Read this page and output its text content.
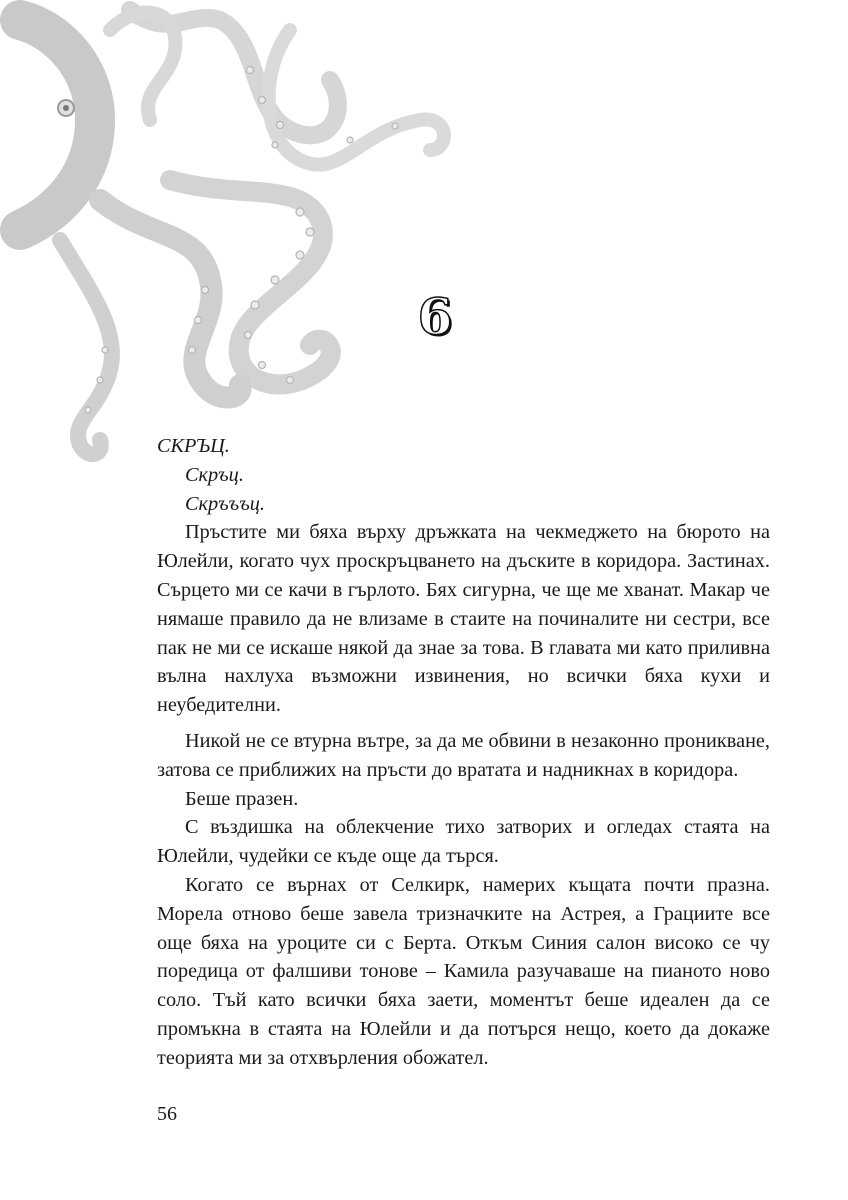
6

СКРЪЦ.

Скръц.

Скръъъц.

Пръстите ми бяха върху дръжката на чекмеджето на бюрото на Юлейли, когато чух проскръцването на дъските в коридора. Застинах. Сърцето ми се качи в гърлото. Бях сигурна, че ще ме хванат. Макар че нямаше правило да не влизаме в стаите на починалите ни сестри, все пак не ми се искаше някой да знае за това. В главата ми като приливна вълна нахлуха възможни извинения, но всички бяха кухи и неубедителни.

Никой не се втурна вътре, за да ме обвини в незаконно проникване, затова се приближих на пръсти до вратата и надникнах в коридора.

Беше празен.

С въздишка на облекчение тихо затворих и огледах стаята на Юлейли, чудейки се къде още да търся.

Когато се върнах от Селкирк, намерих къщата почти празна. Морела отново беше завела тризначките на Астрея, а Грациите все още бяха на уроците си с Берта. Откъм Синия салон високо се чу поредица от фалшиви тонове – Камила разучаваше на пианото ново соло. Тъй като всички бяха заети, моментът беше идеален да се промъкна в стаята на Юлейли и да потърся нещо, което да докаже теорията ми за отхвърления обожател.

56
